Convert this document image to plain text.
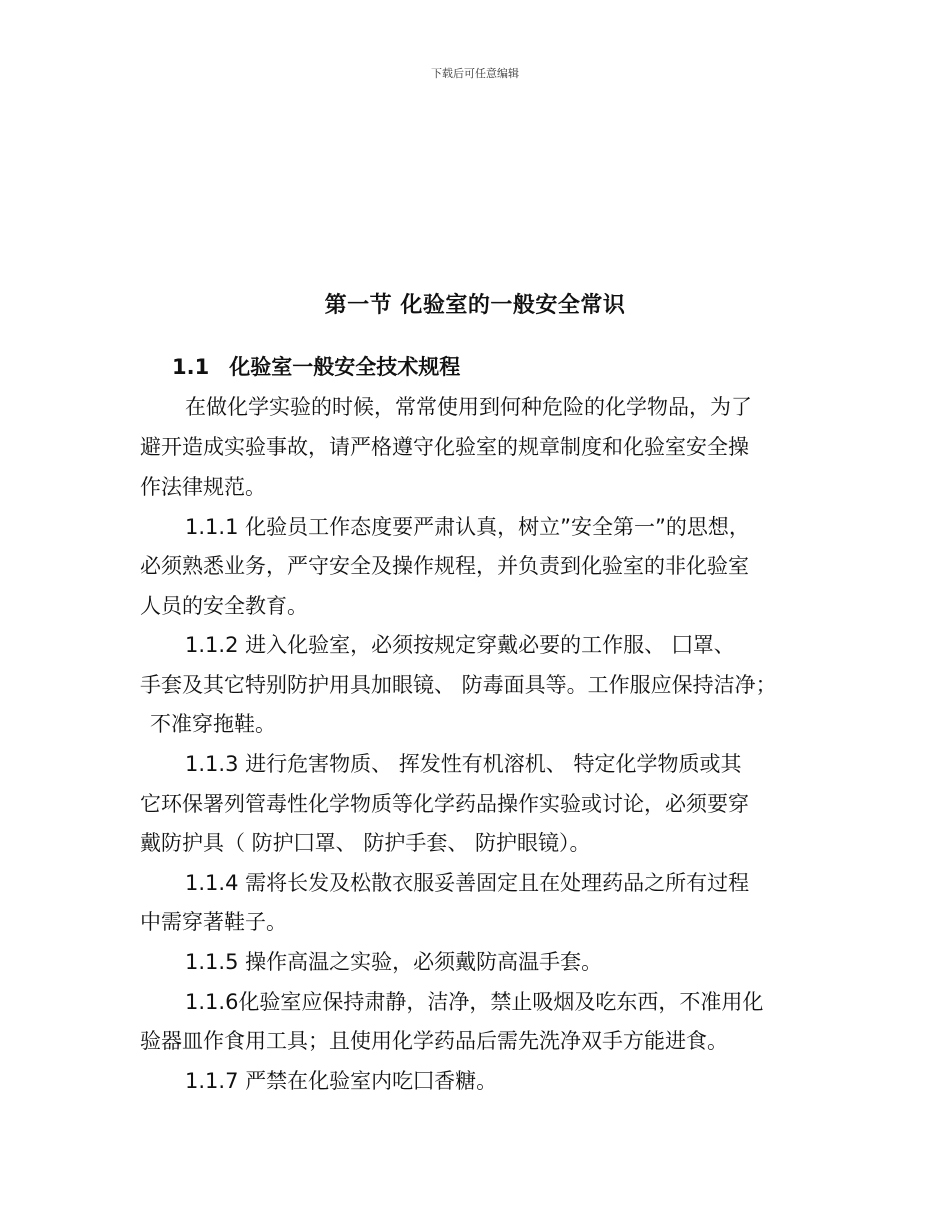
下载后可任意编辑
第一节 化验室的一般安全常识
1.1 化验室一般安全技术规程
在做化学实验的时候，常常使用到何种危险的化学物品，为了
避开造成实验事故，请严格遵守化验室的规章制度和化验室安全操
作法律规范。
1.1.1 化验员工作态度要严肃认真，树立”安全第一”的思想，
必须熟悉业务，严守安全及操作规程，并负责到化验室的非化验室
人员的安全教育。
1.1.2 进入化验室，必须按规定穿戴必要的工作服、 囗罩、
手套及其它特别防护用具加眼镜、 防毒面具等。工作服应保持洁净；
不准穿拖鞋。
1.1.3 进行危害物质、 挥发性有机溶机、 特定化学物质或其
它环保署列管毒性化学物质等化学药品操作实验或讨论，必须要穿
戴防护具（ 防护囗罩、 防护手套、 防护眼镜）。
1.1.4 需将长发及松散衣服妥善固定且在处理药品之所有过程
中需穿著鞋子。
1.1.5 操作高温之实验，必须戴防高温手套。
1.1.6化验室应保持肃静，洁净，禁止吸烟及吃东西，不准用化
验器皿作食用工具；且使用化学药品后需先洗净双手方能进食。
1.1.7 严禁在化验室内吃囗香糖。
